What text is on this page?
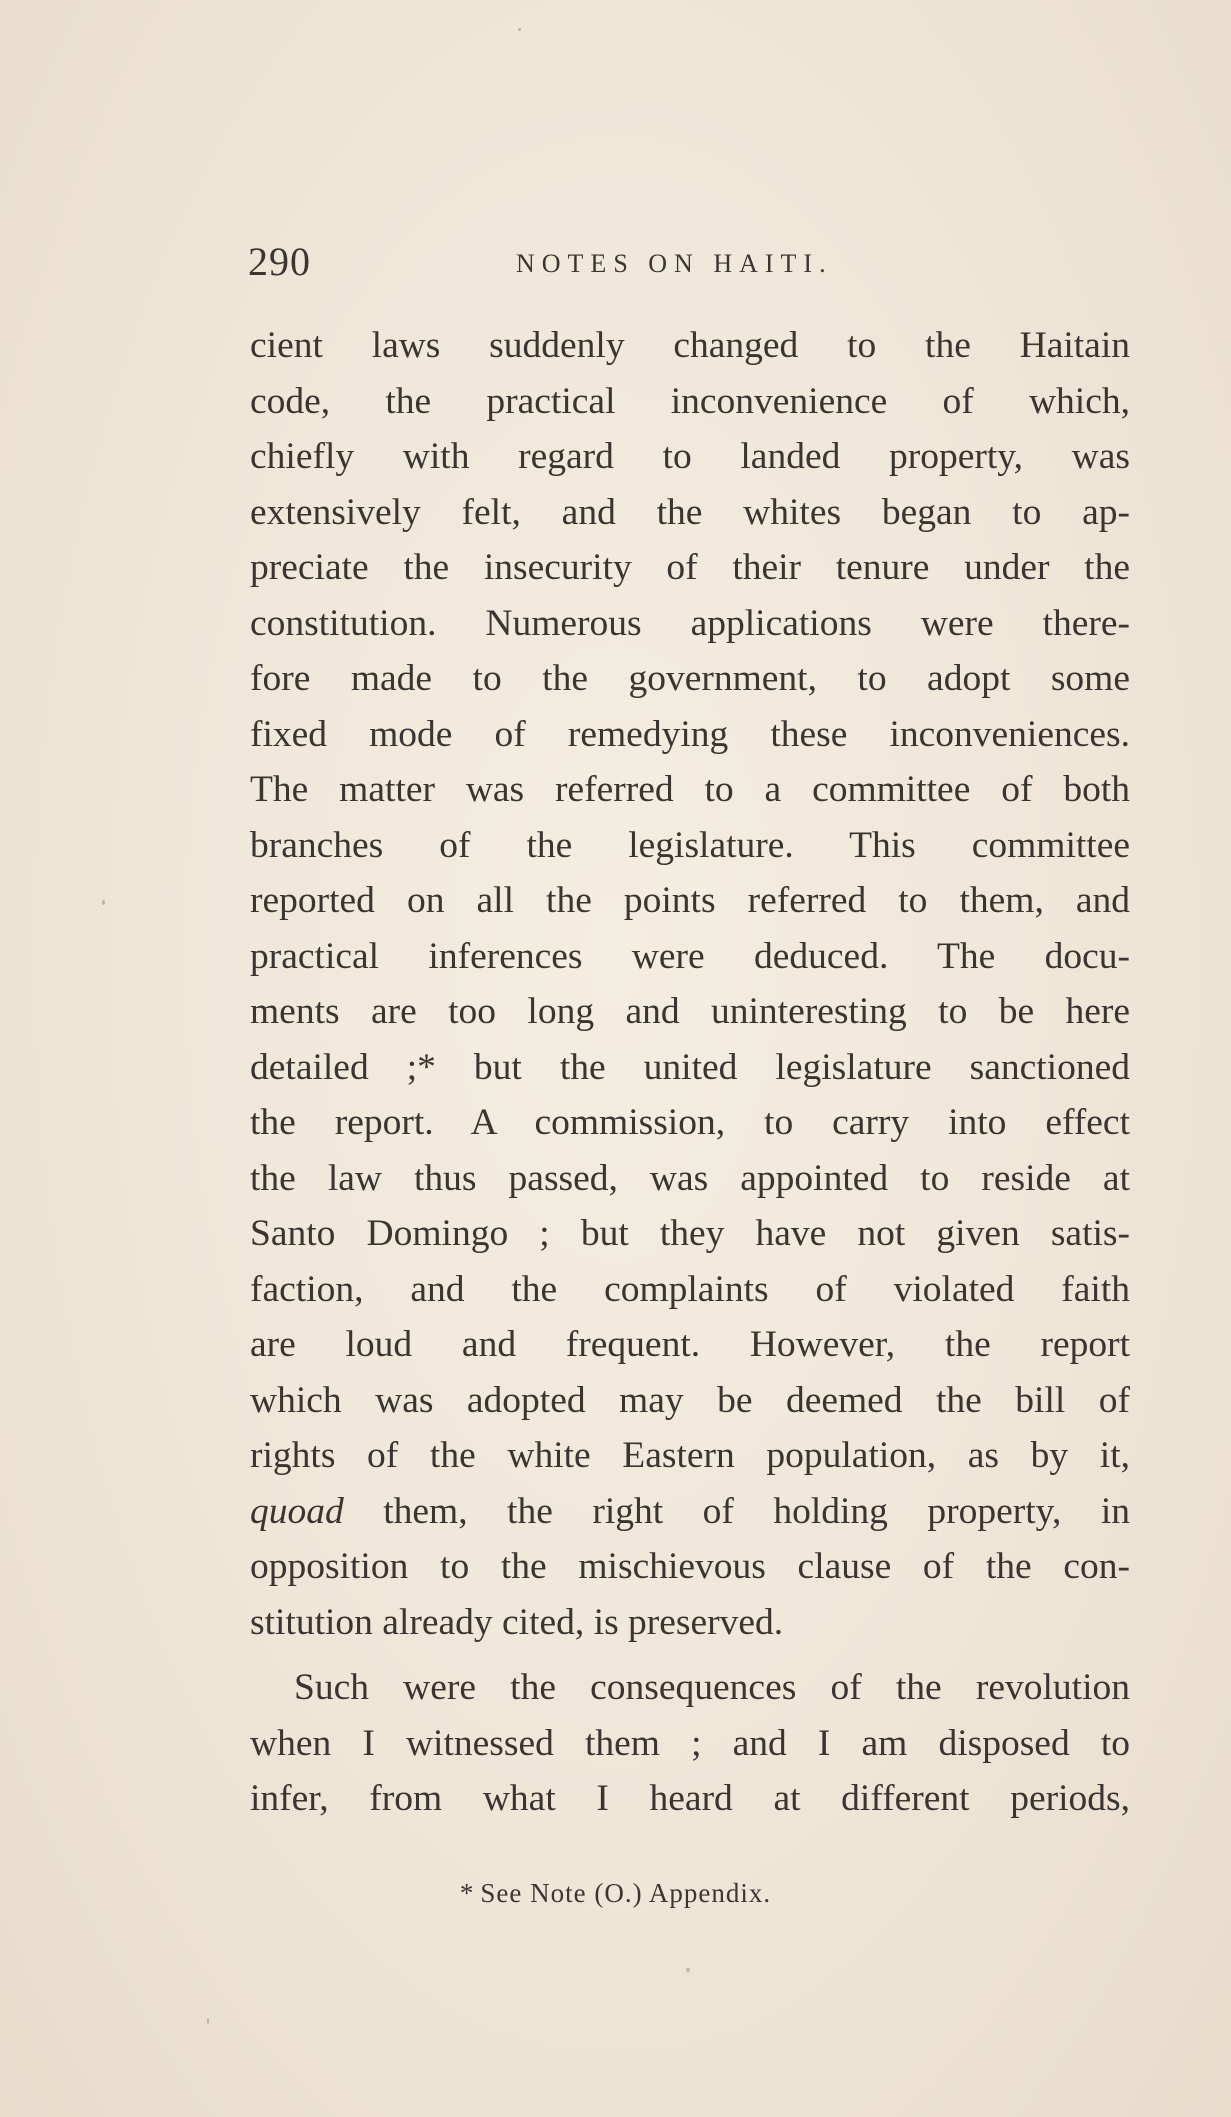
290	NOTES ON HAITI.
cient laws suddenly changed to the Haitain
code, the practical inconvenience of which,
chiefly with regard to landed property, was
extensively felt, and the whites began to ap-
preciate the insecurity of their tenure under the
constitution. Numerous applications were there-
fore made to the government, to adopt some
fixed mode of remedying these inconveniences.
The matter was referred to a committee of both
branches of the legislature. This committee
reported on all the points referred to them, and
practical inferences were deduced. The docu-
ments are too long and uninteresting to be here
detailed ;* but the united legislature sanctioned
the report. A commission, to carry into effect
the law thus passed, was appointed to reside at
Santo Domingo ; but they have not given satis-
faction, and the complaints of violated faith
are loud and frequent. However, the report
which was adopted may be deemed the bill of
rights of the white Eastern population, as by it,
quoad them, the right of holding property, in
opposition to the mischievous clause of the con-
stitution already cited, is preserved.
Such were the consequences of the revolution
when I witnessed them ; and I am disposed to
infer, from what I heard at different periods,
* See Note (O.) Appendix.
